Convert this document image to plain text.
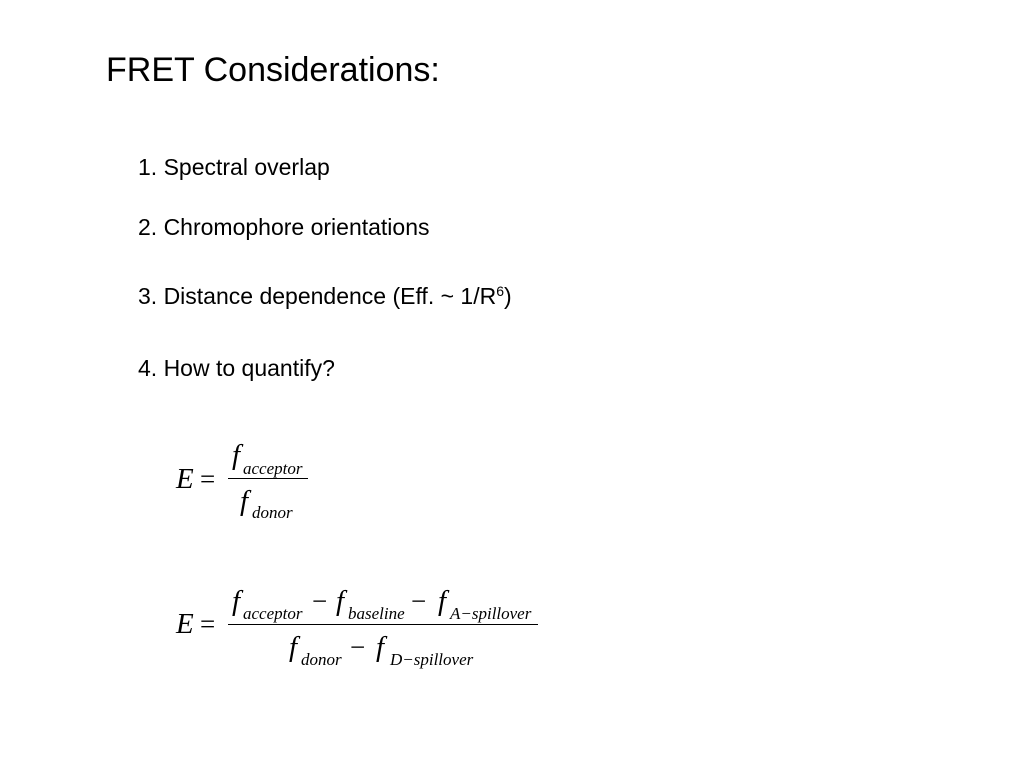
FRET Considerations:
1. Spectral overlap
2. Chromophore orientations
3. Distance dependence (Eff. ~ $1/R^6$)
4. How to quantify?
E =
f acceptor
f donor
E =
f acceptor − f baseline − f A−spillover
f donor − f D−spillover
